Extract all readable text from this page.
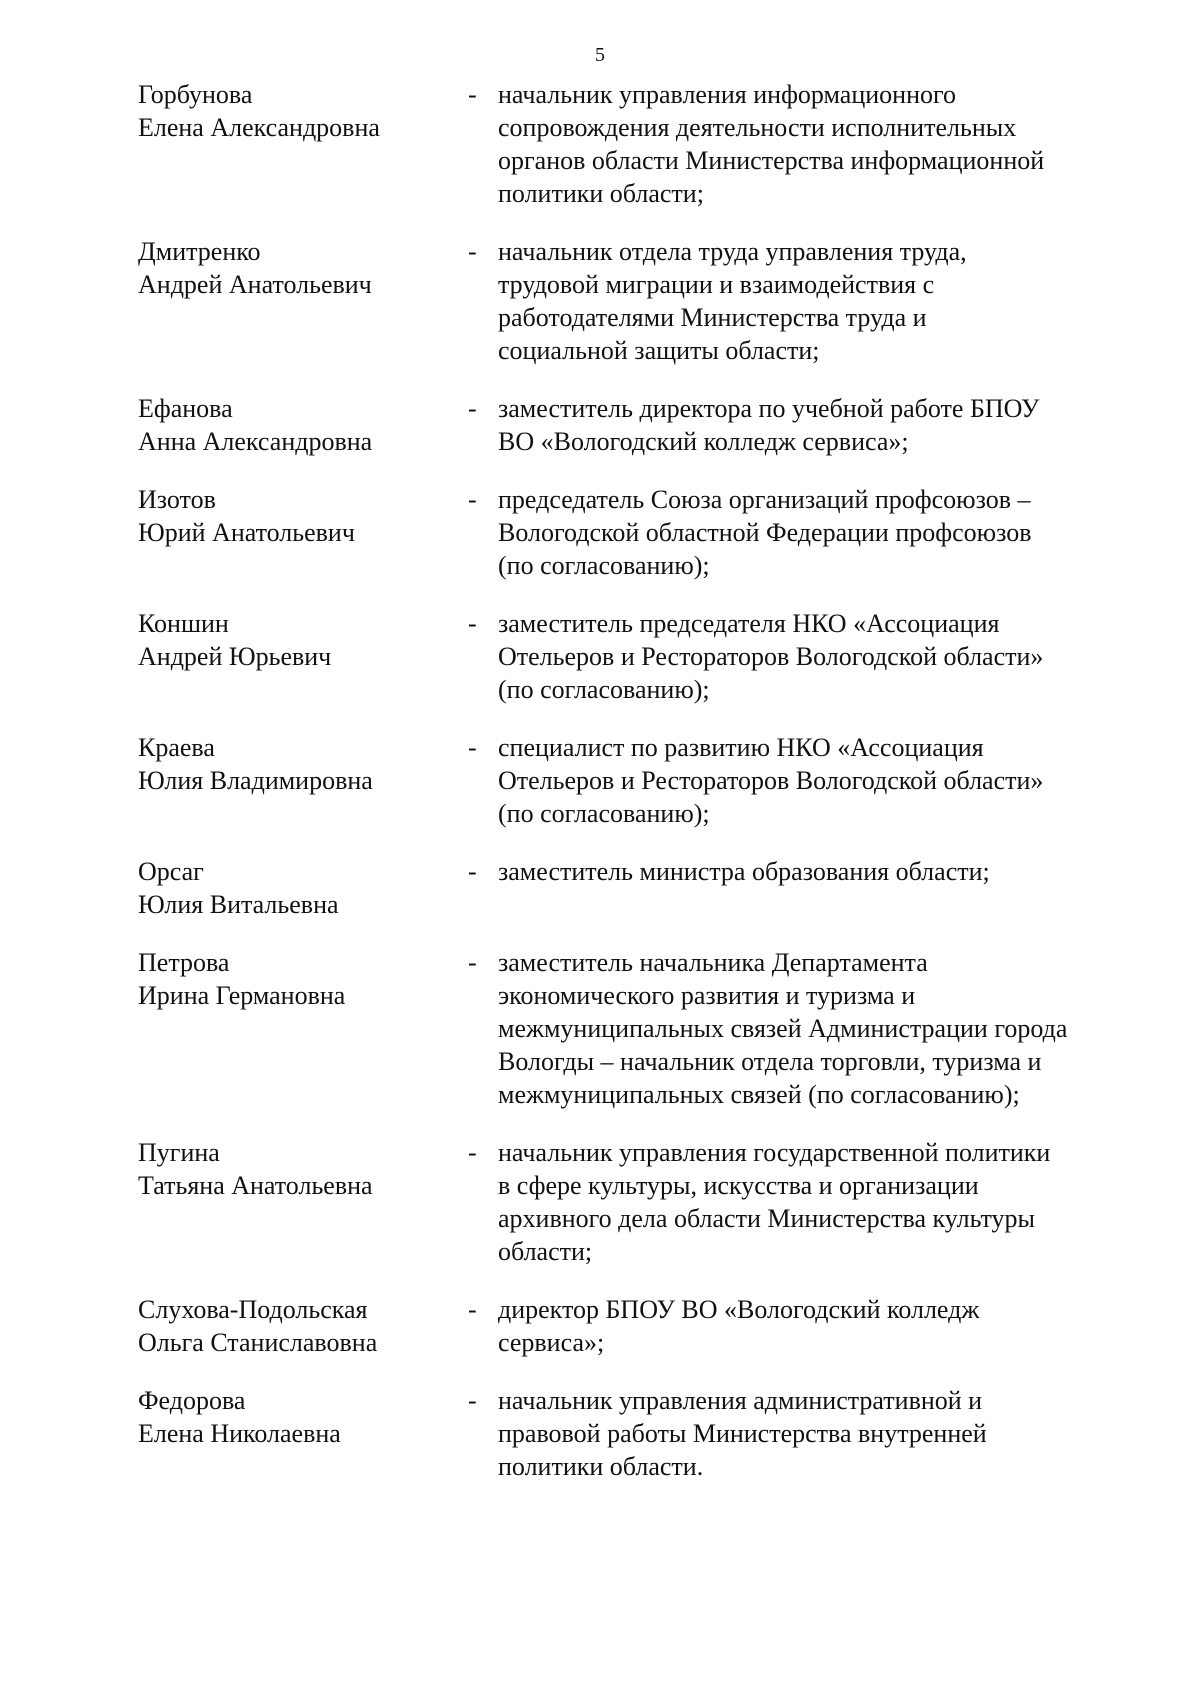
5
Горбунова
Елена Александровна
- начальник управления информационного
сопровождения деятельности исполнительных
органов области Министерства информационной
политики области;
Дмитренко
Андрей Анатольевич
- начальник отдела труда управления труда,
трудовой миграции и взаимодействия с
работодателями Министерства труда и
социальной защиты области;
Ефанова
Анна Александровна
- заместитель директора по учебной работе БПОУ
ВО «Вологодский колледж сервиса»;
Изотов
Юрий Анатольевич
- председатель Союза организаций профсоюзов –
Вологодской областной Федерации профсоюзов
(по согласованию);
Коншин
Андрей Юрьевич
- заместитель председателя НКО «Ассоциация
Отельеров и Рестораторов Вологодской области»
(по согласованию);
Краева
Юлия Владимировна
- специалист по развитию НКО «Ассоциация
Отельеров и Рестораторов Вологодской области»
(по согласованию);
Орсаг
Юлия Витальевна
- заместитель министра образования области;
Петрова
Ирина Германовна
- заместитель начальника Департамента
экономического развития и туризма и
межмуниципальных связей Администрации города
Вологды – начальник отдела торговли, туризма и
межмуниципальных связей (по согласованию);
Пугина
Татьяна Анатольевна
- начальник управления государственной политики
в сфере культуры, искусства и организации
архивного дела области Министерства культуры
области;
Слухова-Подольская
Ольга Станиславовна
- директор БПОУ ВО «Вологодский колледж
сервиса»;
Федорова
Елена Николаевна
- начальник управления административной и
правовой работы Министерства внутренней
политики области.
